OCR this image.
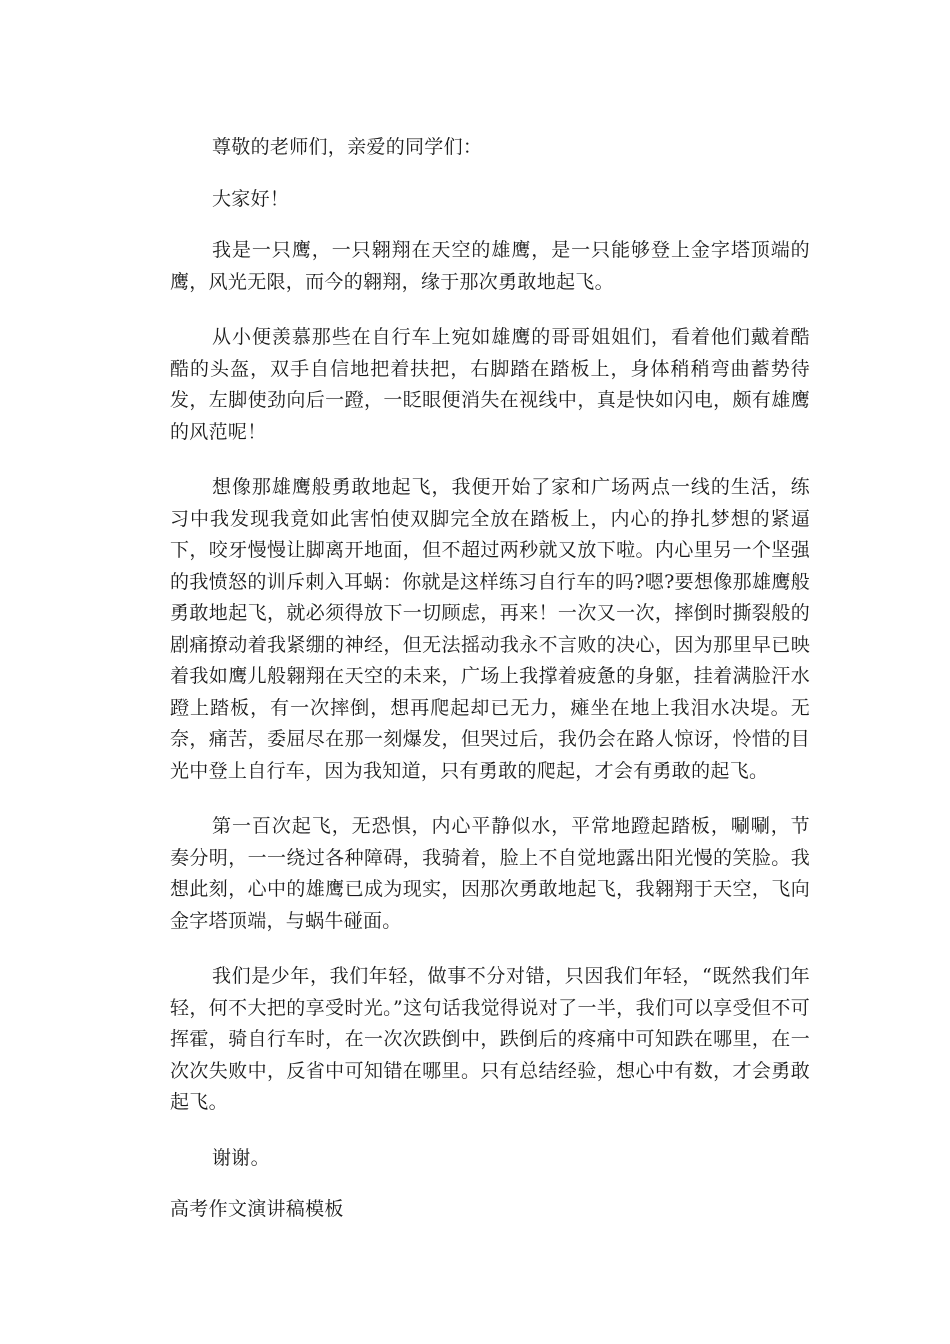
尊敬的老师们，亲爱的同学们：

大家好！

我是一只鹰，一只翱翔在天空的雄鹰，是一只能够登上金字塔顶端的鹰，风光无限，而今的翱翔，缘于那次勇敢地起飞。

从小便羡慕那些在自行车上宛如雄鹰的哥哥姐姐们，看着他们戴着酷酷的头盔，双手自信地把着扶把，右脚踏在踏板上，身体稍稍弯曲蓄势待发，左脚使劲向后一蹬，一眨眼便消失在视线中，真是快如闪电，颇有雄鹰的风范呢！

想像那雄鹰般勇敢地起飞，我便开始了家和广场两点一线的生活，练习中我发现我竟如此害怕使双脚完全放在踏板上，内心的挣扎梦想的紧逼下，咬牙慢慢让脚离开地面，但不超过两秒就又放下啦。内心里另一个坚强的我愤怒的训斥刺入耳蜗：你就是这样练习自行车的吗?嗯?要想像那雄鹰般勇敢地起飞，就必须得放下一切顾虑，再来！一次又一次，摔倒时撕裂般的剧痛撩动着我紧绷的神经，但无法摇动我永不言败的决心，因为那里早已映着我如鹰儿般翱翔在天空的未来，广场上我撑着疲惫的身躯，挂着满脸汗水蹬上踏板，有一次摔倒，想再爬起却已无力，瘫坐在地上我泪水决堤。无奈，痛苦，委屈尽在那一刻爆发，但哭过后，我仍会在路人惊讶，怜惜的目光中登上自行车，因为我知道，只有勇敢的爬起，才会有勇敢的起飞。

第一百次起飞，无恐惧，内心平静似水，平常地蹬起踏板，唰唰，节奏分明，一一绕过各种障碍，我骑着，脸上不自觉地露出阳光慢的笑脸。我想此刻，心中的雄鹰已成为现实，因那次勇敢地起飞，我翱翔于天空，飞向金字塔顶端，与蜗牛碰面。

我们是少年，我们年轻，做事不分对错，只因我们年轻，“既然我们年轻，何不大把的享受时光。”这句话我觉得说对了一半，我们可以享受但不可挥霍，骑自行车时，在一次次跌倒中，跌倒后的疼痛中可知跌在哪里，在一次次失败中，反省中可知错在哪里。只有总结经验，想心中有数，才会勇敢起飞。

谢谢。

高考作文演讲稿模板
